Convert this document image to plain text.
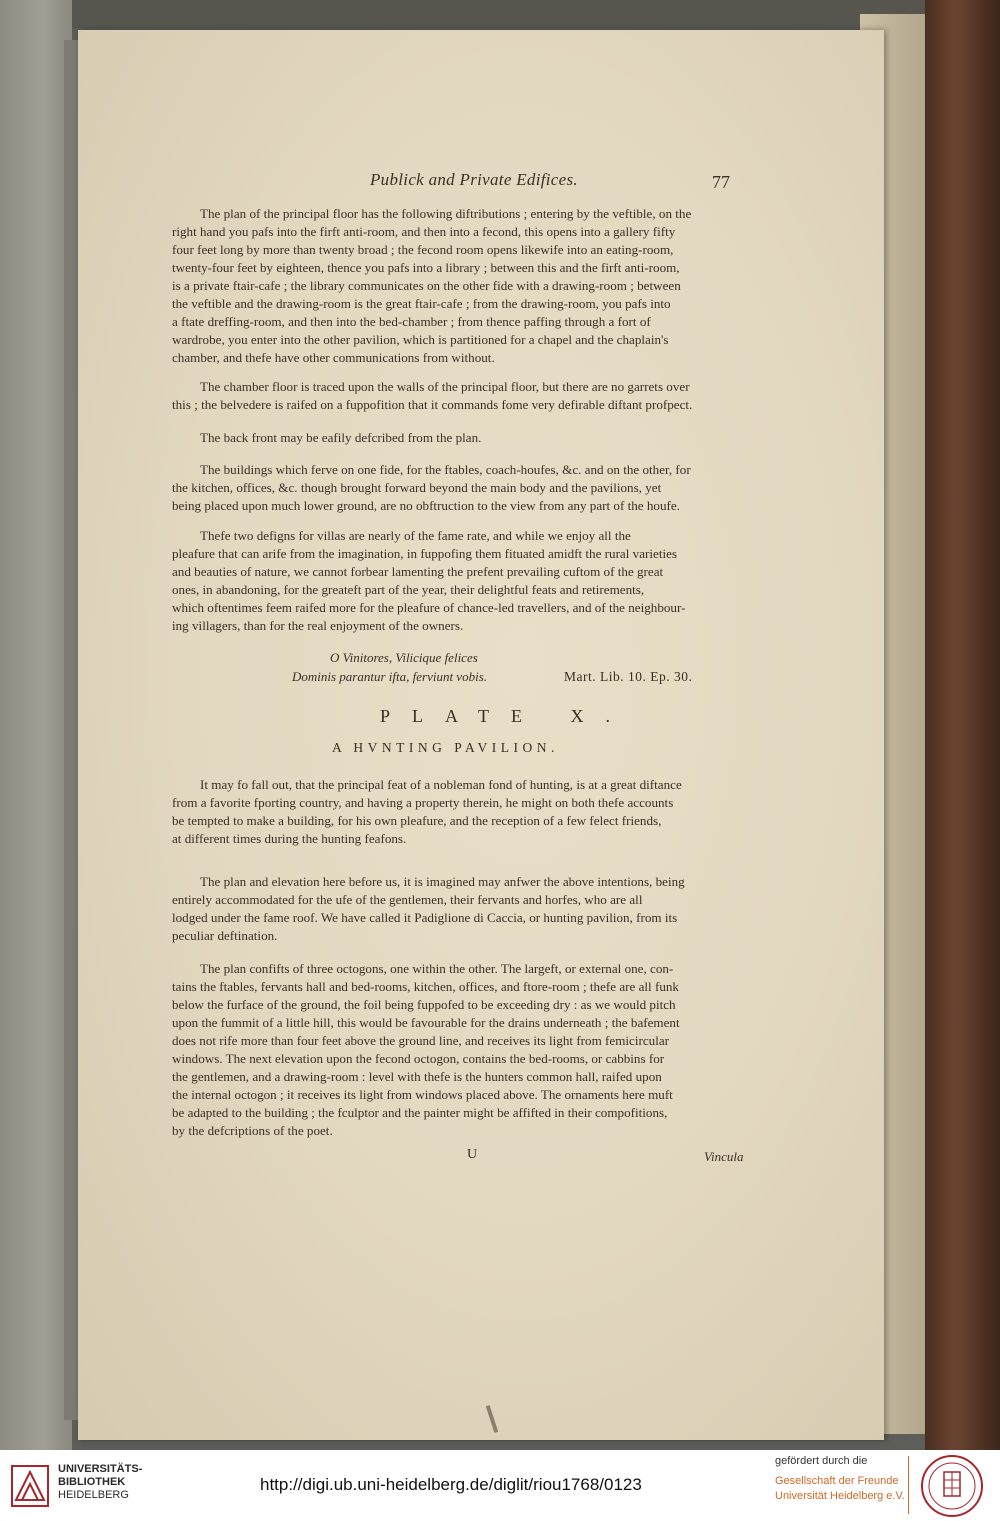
Publick and Private Edifices.	77
The plan of the principal floor has the following diftributions ; entering by the veftible, on the
right hand you pafs into the firft anti-room, and then into a fecond, this opens into a gallery fifty
four feet long by more than twenty broad ; the fecond room opens likewife into an eating-room,
twenty-four feet by eighteen, thence you pafs into a library ; between this and the firft anti-room,
is a private ftair-cafe ; the library communicates on the other fide with a drawing-room ; between
the veftible and the drawing-room is the great ftair-cafe ; from the drawing-room, you pafs into
a ftate dreffing-room, and then into the bed-chamber ; from thence paffing through a fort of
wardrobe, you enter into the other pavilion, which is partitioned for a chapel and the chaplain's
chamber, and thefe have other communications from without.
The chamber floor is traced upon the walls of the principal floor, but there are no garrets over
this ; the belvedere is raifed on a fuppofition that it commands fome very defirable diftant profpect.
The back front may be eafily defcribed from the plan.
The buildings which ferve on one fide, for the ftables, coach-houfes, &c. and on the other, for
the kitchen, offices, &c. though brought forward beyond the main body and the pavilions, yet
being placed upon much lower ground, are no obftruction to the view from any part of the houfe.
Thefe two defigns for villas are nearly of the fame rate, and while we enjoy all the
pleafure that can arife from the imagination, in fuppofing them fituated amidft the rural varieties
and beauties of nature, we cannot forbear lamenting the prefent prevailing cuftom of the great
ones, in abandoning, for the greateft part of the year, their delightful feats and retirements,
which oftentimes feem raifed more for the pleafure of chance-led travellers, and of the neighbour-
ing villagers, than for the real enjoyment of the owners.
O Vinitores, Vilicique felices
Dominis parantur ifta, ferviunt vobis.	Mart. Lib. 10. Ep. 30.
PLATE X.
A HVNTING PAVILION.
It may fo fall out, that the principal feat of a nobleman fond of hunting, is at a great diftance
from a favorite fporting country, and having a property therein, he might on both thefe accounts
be tempted to make a building, for his own pleafure, and the reception of a few felect friends,
at different times during the hunting feafons.
The plan and elevation here before us, it is imagined may anfwer the above intentions, being
entirely accommodated for the ufe of the gentlemen, their fervants and horfes, who are all
lodged under the fame roof. We have called it Padiglione di Caccia, or hunting pavilion, from its
peculiar deftination.
The plan confifts of three octogons, one within the other. The largeft, or external one, con-
tains the ftables, fervants hall and bed-rooms, kitchen, offices, and ftore-room ; thefe are all funk
below the furface of the ground, the foil being fuppofed to be exceeding dry : as we would pitch
upon the fummit of a little hill, this would be favourable for the drains underneath ; the bafement
does not rife more than four feet above the ground line, and receives its light from femicircular
windows. The next elevation upon the fecond octogon, contains the bed-rooms, or cabbins for
the gentlemen, and a drawing-room : level with thefe is the hunters common hall, raifed upon
the internal octogon ; it receives its light from windows placed above. The ornaments here muft
be adapted to the building ; the fculptor and the painter might be affifted in their compofitions,
by the defcriptions of the poet.
U	Vincula
UNIVERSITÄTS-
BIBLIOTHEK
HEIDELBERG
http://digi.ub.uni-heidelberg.de/diglit/riou1768/0123
gefördert durch die
Gesellschaft der Freunde
Universität Heidelberg e.V.
